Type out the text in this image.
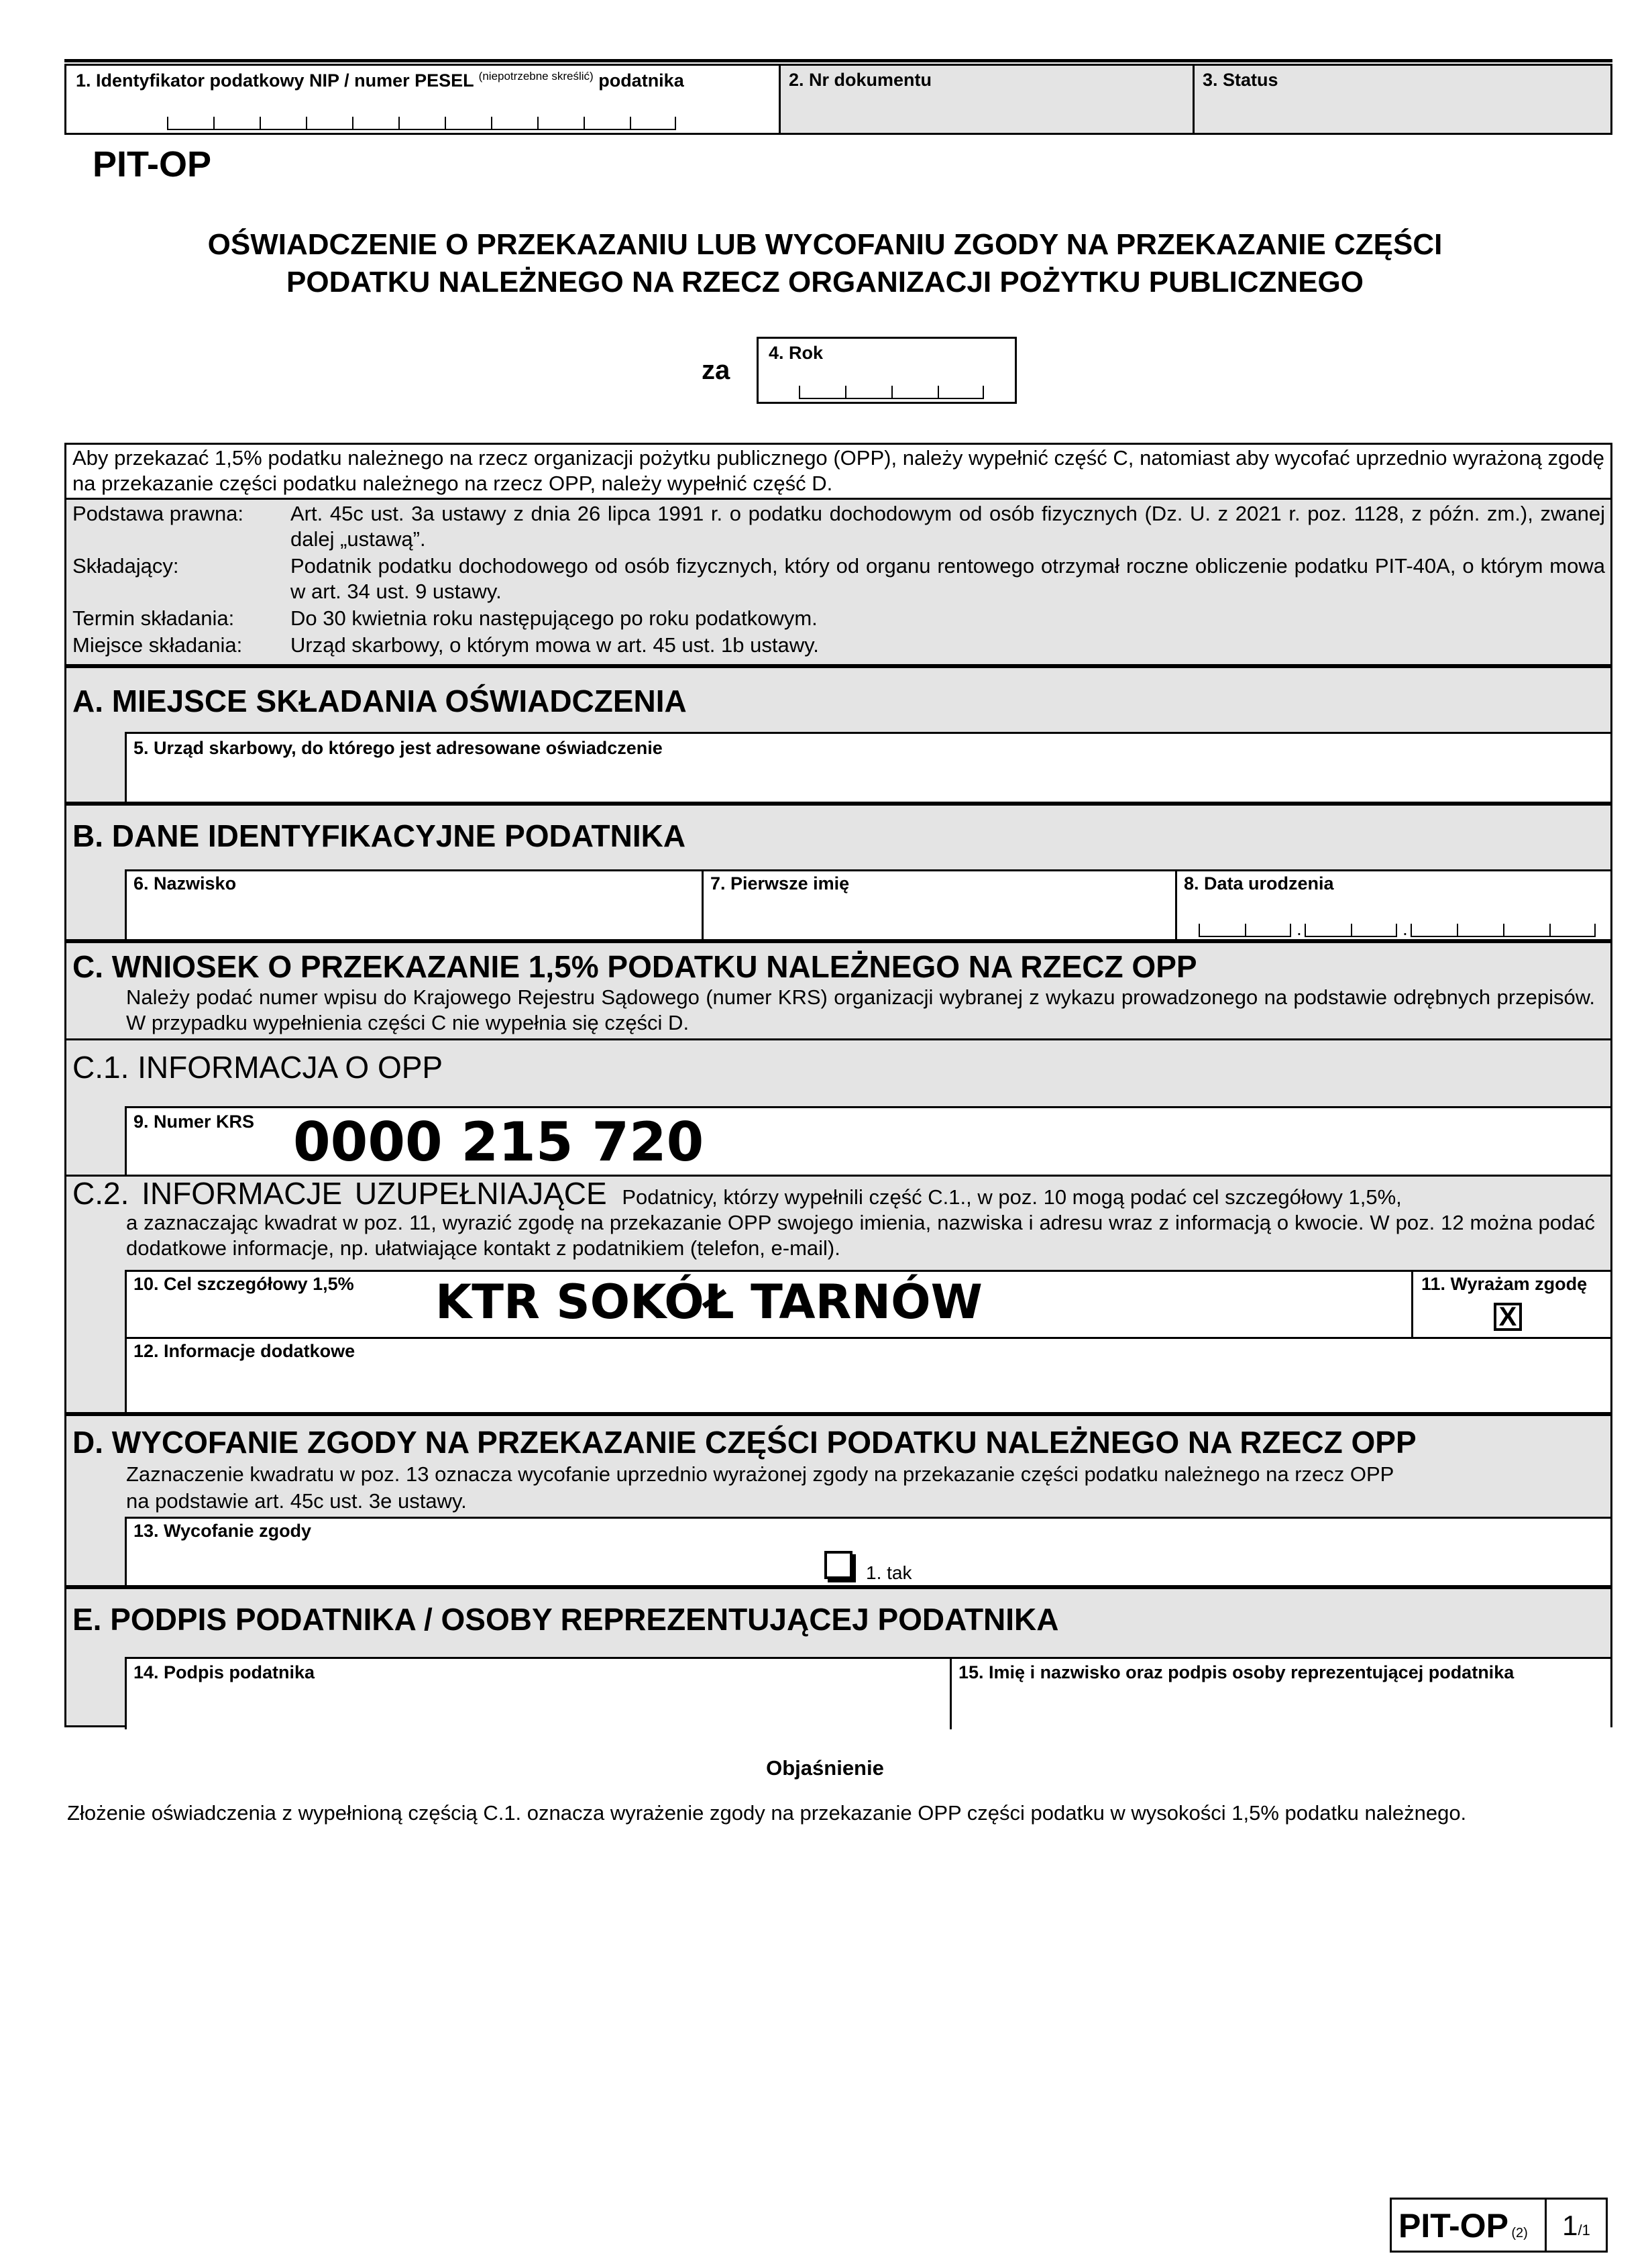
1. Identyfikator podatkowy NIP / numer PESEL $^{(niepotrzebne skreślić)}$ podatnika	2. Nr dokumentu	3. Status
PIT-OP
OŚWIADCZENIE O PRZEKAZANIU LUB WYCOFANIU ZGODY NA PRZEKAZANIE CZĘŚCI
PODATKU NALEŻNEGO NA RZECZ ORGANIZACJI POŻYTKU PUBLICZNEGO
za
4. Rok
Aby przekazać 1,5% podatku należnego na rzecz organizacji pożytku publicznego (OPP), należy wypełnić część C, natomiast aby wycofać uprzednio wyrażoną zgodę na przekazanie części podatku należnego na rzecz OPP, należy wypełnić część D.
Podstawa prawna: Art. 45c ust. 3a ustawy z dnia 26 lipca 1991 r. o podatku dochodowym od osób fizycznych (Dz. U. z 2021 r. poz. 1128, z późn. zm.), zwanej dalej „ustawą”.
Składający:	Podatnik podatku dochodowego od osób fizycznych, który od organu rentowego otrzymał roczne obliczenie podatku PIT-40A, o którym mowa w art. 34 ust. 9 ustawy.
Termin składania:	Do 30 kwietnia roku następującego po roku podatkowym.
Miejsce składania: Urząd skarbowy, o którym mowa w art. 45 ust. 1b ustawy.
A. MIEJSCE SKŁADANIA OŚWIADCZENIA
5. Urząd skarbowy, do którego jest adresowane oświadczenie
B. DANE IDENTYFIKACYJNE PODATNIKA
6. Nazwisko	7. Pierwsze imię	8. Data urodzenia
.	.
C. WNIOSEK O PRZEKAZANIE 1,5% PODATKU NALEŻNEGO NA RZECZ OPP
Należy podać numer wpisu do Krajowego Rejestru Sądowego (numer KRS) organizacji wybranej z wykazu prowadzonego na podstawie odrębnych przepisów. W przypadku wypełnienia części C nie wypełnia się części D.
C.1. INFORMACJA O OPP
9. Numer KRS 0000 215 720
C.2. INFORMACJE UZUPEŁNIAJĄCE Podatnicy, którzy wypełnili część C.1., w poz. 10 mogą podać cel szczegółowy 1,5%,
a zaznaczając kwadrat w poz. 11, wyrazić zgodę na przekazanie OPP swojego imienia, nazwiska i adresu wraz z informacją o kwocie. W poz. 12 można podać dodatkowe informacje, np. ułatwiające kontakt z podatnikiem (telefon, e-mail).
10. Cel szczegółowy 1,5% KTR SOKÓŁ TARNÓW	11. Wyrażam zgodę
X
12. Informacje dodatkowe
D. WYCOFANIE ZGODY NA PRZEKAZANIE CZĘŚCI PODATKU NALEŻNEGO NA RZECZ OPP
Zaznaczenie kwadratu w poz. 13 oznacza wycofanie uprzednio wyrażonej zgody na przekazanie części podatku należnego na rzecz OPP
na podstawie art. 45c ust. 3e ustawy.
13. Wycofanie zgody
1. tak
E. PODPIS PODATNIKA / OSOBY REPREZENTUJĄCEJ PODATNIKA
14. Podpis podatnika	15. Imię i nazwisko oraz podpis osoby reprezentującej podatnika
Objaśnienie
Złożenie oświadczenia z wypełnioną częścią C.1. oznacza wyrażenie zgody na przekazanie OPP części podatku w wysokości 1,5% podatku należnego.
PIT-OP (2)	1/1
